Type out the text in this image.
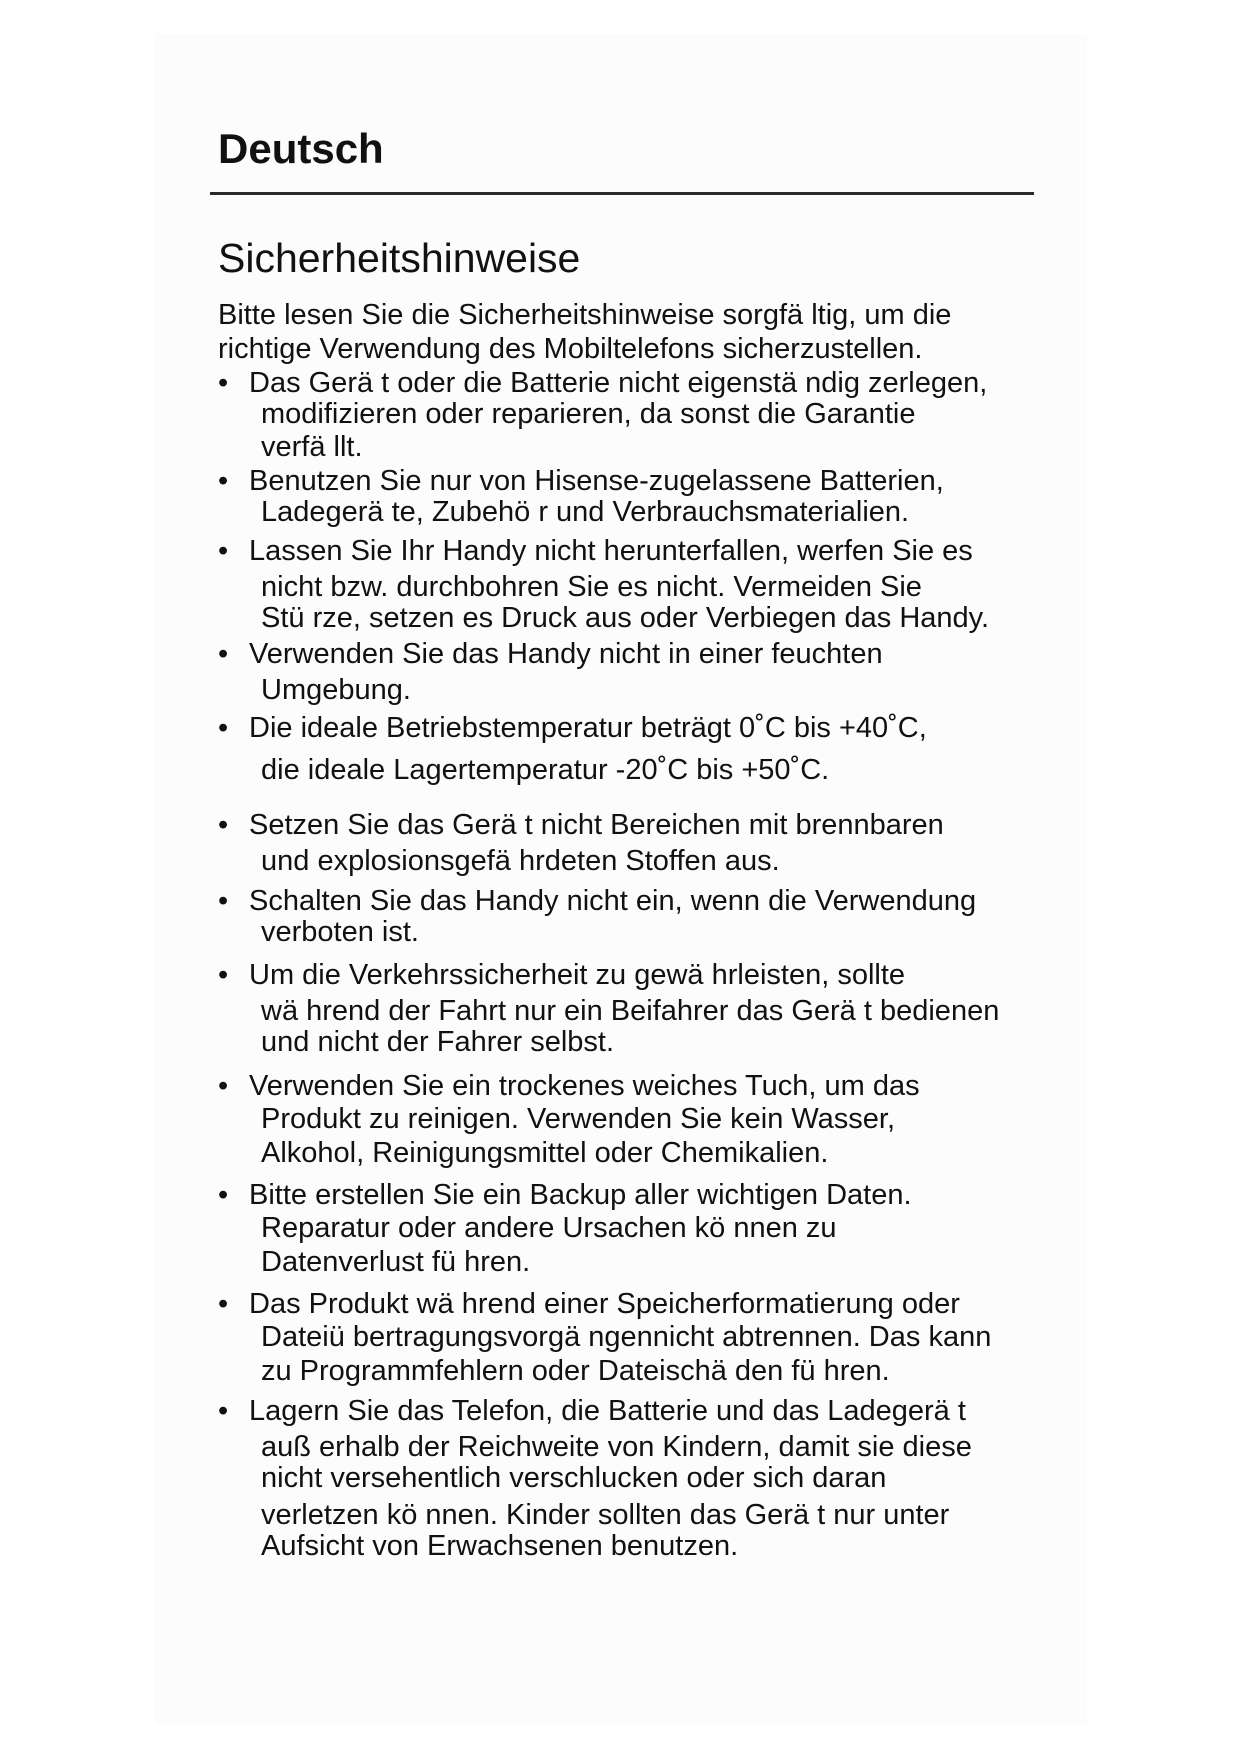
Deutsch
Sicherheitshinweise

Bitte lesen Sie die Sicherheitshinweise sorgfä ltig, um die
richtige Verwendung des Mobiltelefons sicherzustellen.

• Das Gerä t oder die Batterie nicht eigenstä ndig zerlegen,
modifizieren oder reparieren, da sonst die Garantie
verfä llt.
• Benutzen Sie nur von Hisense-zugelassene Batterien,
Ladegerä te, Zubehö r und Verbrauchsmaterialien.
• Lassen Sie Ihr Handy nicht herunterfallen, werfen Sie es
nicht bzw. durchbohren Sie es nicht. Vermeiden Sie
Stü rze, setzen es Druck aus oder Verbiegen das Handy.
• Verwenden Sie das Handy nicht in einer feuchten
Umgebung.
• Die ideale Betriebstemperatur beträgt 0˚C bis +40˚C,
die ideale Lagertemperatur -20˚C bis +50˚C.
• Setzen Sie das Gerä t nicht Bereichen mit brennbaren
und explosionsgefä hrdeten Stoffen aus.
• Schalten Sie das Handy nicht ein, wenn die Verwendung
verboten ist.
• Um die Verkehrssicherheit zu gewä hrleisten, sollte
wä hrend der Fahrt nur ein Beifahrer das Gerä t bedienen
und nicht der Fahrer selbst.
• Verwenden Sie ein trockenes weiches Tuch, um das
Produkt zu reinigen. Verwenden Sie kein Wasser,
Alkohol, Reinigungsmittel oder Chemikalien.
• Bitte erstellen Sie ein Backup aller wichtigen Daten.
Reparatur oder andere Ursachen kö nnen zu
Datenverlust fü hren.
• Das Produkt wä hrend einer Speicherformatierung oder
Dateiü bertragungsvorgä ngennicht abtrennen. Das kann
zu Programmfehlern oder Dateischä den fü hren.
• Lagern Sie das Telefon, die Batterie und das Ladegerä t
auß erhalb der Reichweite von Kindern, damit sie diese
nicht versehentlich verschlucken oder sich daran
verletzen kö nnen. Kinder sollten das Gerä t nur unter
Aufsicht von Erwachsenen benutzen.
